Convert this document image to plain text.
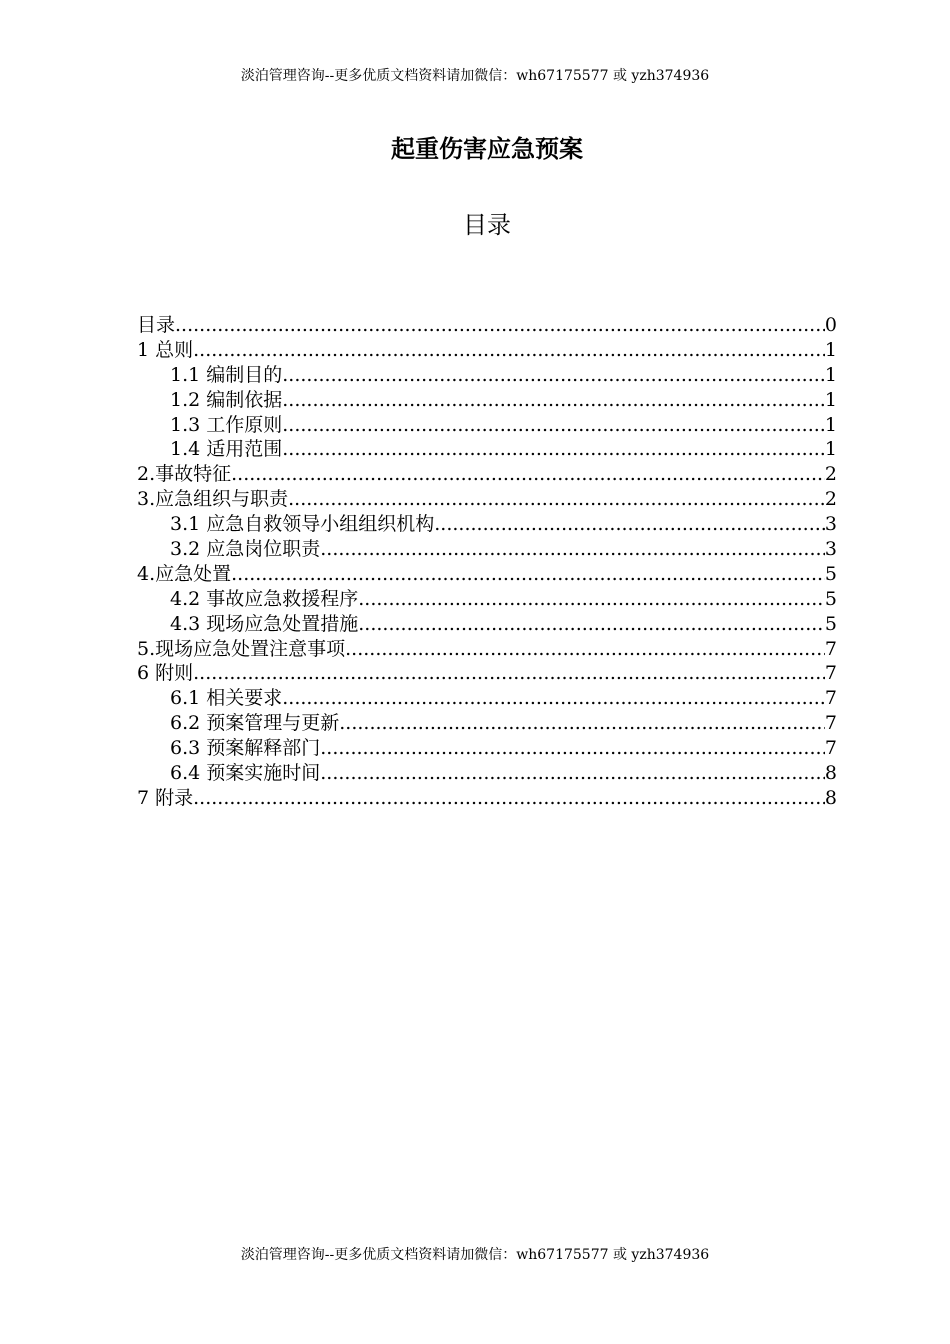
淡泊管理咨询--更多优质文档资料请加微信：wh67175577 或 yzh374936
起重伤害应急预案
目录
目录 .....	0
1 总则 .....	1
1.1 编制目的 .....	1
1.2 编制依据 .....	1
1.3 工作原则 .....	1
1.4 适用范围 .....	1
2.事故特征 .....	2
3.应急组织与职责 .....	2
3.1 应急自救领导小组组织机构 .....	3
3.2 应急岗位职责 .....	3
4.应急处置 .....	5
4.2 事故应急救援程序 .....	5
4.3 现场应急处置措施 .....	5
5.现场应急处置注意事项 .....	7
6 附则 .....	7
6.1 相关要求 .....	7
6.2 预案管理与更新 .....	7
6.3 预案解释部门 .....	7
6.4 预案实施时间 .....	8
7 附录 .....	8
淡泊管理咨询--更多优质文档资料请加微信：wh67175577 或 yzh374936
